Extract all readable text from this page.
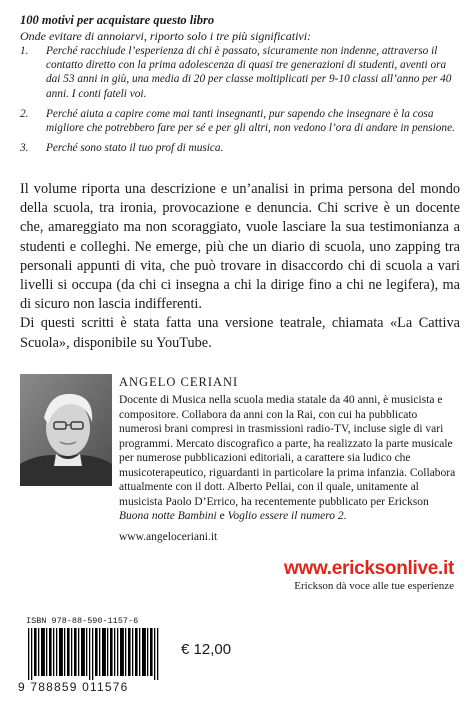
100 motivi per acquistare questo libro
Onde evitare di annoiarvi, riporto solo i tre più significativi:
1. Perché racchiude l’esperienza di chi è passato, sicuramente non indenne, attraverso il contatto diretto con la prima adolescenza di quasi tre generazioni di studenti, aventi ora dai 53 anni in giù, una media di 20 per classe moltiplicati per 9-10 classi all’anno per 40 anni. I conti fateli voi.
2. Perché aiuta a capire come mai tanti insegnanti, pur sapendo che insegnare è la cosa migliore che potrebbero fare per sé e per gli altri, non vedono l’ora di andare in pensione.
3. Perché sono stato il tuo prof di musica.

Il volume riporta una descrizione e un’analisi in prima persona del mondo della scuola, tra ironia, provocazione e denuncia. Chi scrive è un docente che, amareggiato ma non scoraggiato, vuole lasciare la sua testimonianza a studenti e colleghi. Ne emerge, più che un diario di scuola, uno zapping tra personali appunti di vita, che può trovare in disaccordo chi di scuola a vari livelli si occupa (da chi ci insegna a chi la dirige fino a chi ne legifera), ma di sicuro non lascia indifferenti.

Di questi scritti è stata fatta una versione teatrale, chiamata «La Cattiva Scuola», disponibile su YouTube.

ANGELO CERIANI

Docente di Musica nella scuola media statale da 40 anni, è musicista e compositore. Collabora da anni con la Rai, con cui ha pubblicato numerosi brani compresi in trasmissioni radio-TV, incluse sigle di vari programmi. Mercato discografico a parte, ha realizzato la parte musicale per numerose pubblicazioni editoriali, a carattere sia ludico che musicoterapeutico, riguardanti in particolare la prima infanzia. Collabora attualmente con il dott. Alberto Pellai, con il quale, unitamente al musicista Paolo D’Errico, ha recentemente pubblicato per Erickson Buona notte Bambini e Voglio essere il numero 2.

www.angeloceriani.it
www.ericksonlive.it
Erickson dà voce alle tue esperienze
ISBN 978-88-590-1157-6
9 788859 011576
€ 12,00
